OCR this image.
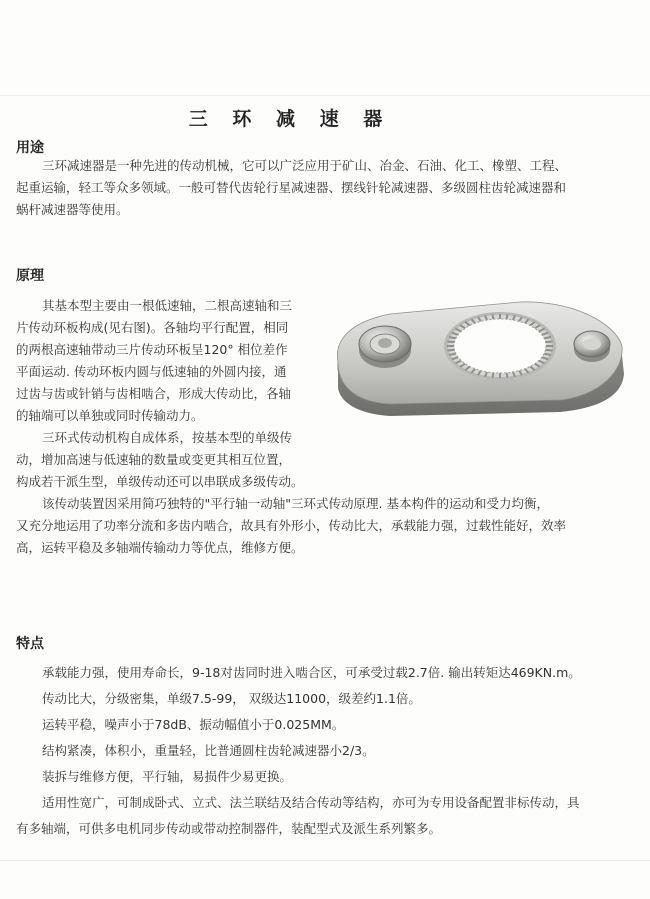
三 环 减 速 器
用途
三环减速器是一种先进的传动机械，它可以广泛应用于矿山、冶金、石油、化工、橡塑、工程、
起重运输，轻工等众多领域。一般可替代齿轮行星减速器、摆线针轮减速器、多级圆柱齿轮减速器和
蜗杆减速器等使用。
原理
其基本型主要由一根低速轴，二根高速轴和三
片传动环板构成(见右图)。各轴均平行配置，相同
的两根高速轴带动三片传动环板呈120° 相位差作
平面运动. 传动环板内圆与低速轴的外圆内接，通
过齿与齿或针销与齿相啮合，形成大传动比，各轴
的轴端可以单独或同时传输动力。
三环式传动机构自成体系，按基本型的单级传
动，增加高速与低速轴的数量或变更其相互位置，
构成若干派生型，单级传动还可以串联成多级传动。
该传动装置因采用简巧独特的"平行轴一动轴"三环式传动原理. 基本构件的运动和受力均衡，
又充分地运用了功率分流和多齿内啮合，故具有外形小，传动比大，承载能力强，过载性能好，效率
高，运转平稳及多轴端传输动力等优点，维修方便。
特点
承载能力强，使用寿命长，9-18对齿同时进入啮合区，可承受过载2.7倍. 输出转矩达469KN.m。
传动比大，分级密集，单级7.5-99， 双级达11000，级差约1.1倍。
运转平稳，噪声小于78dB、振动幅值小于0.025MM。
结构紧凑，体积小，重量轻，比普通圆柱齿轮减速器小2/3。
装拆与维修方便，平行轴，易损件少易更换。
适用性宽广，可制成卧式、立式、法兰联结及结合传动等结构，亦可为专用设备配置非标传动，具
有多轴端，可供多电机同步传动或带动控制器件，装配型式及派生系列繁多。
